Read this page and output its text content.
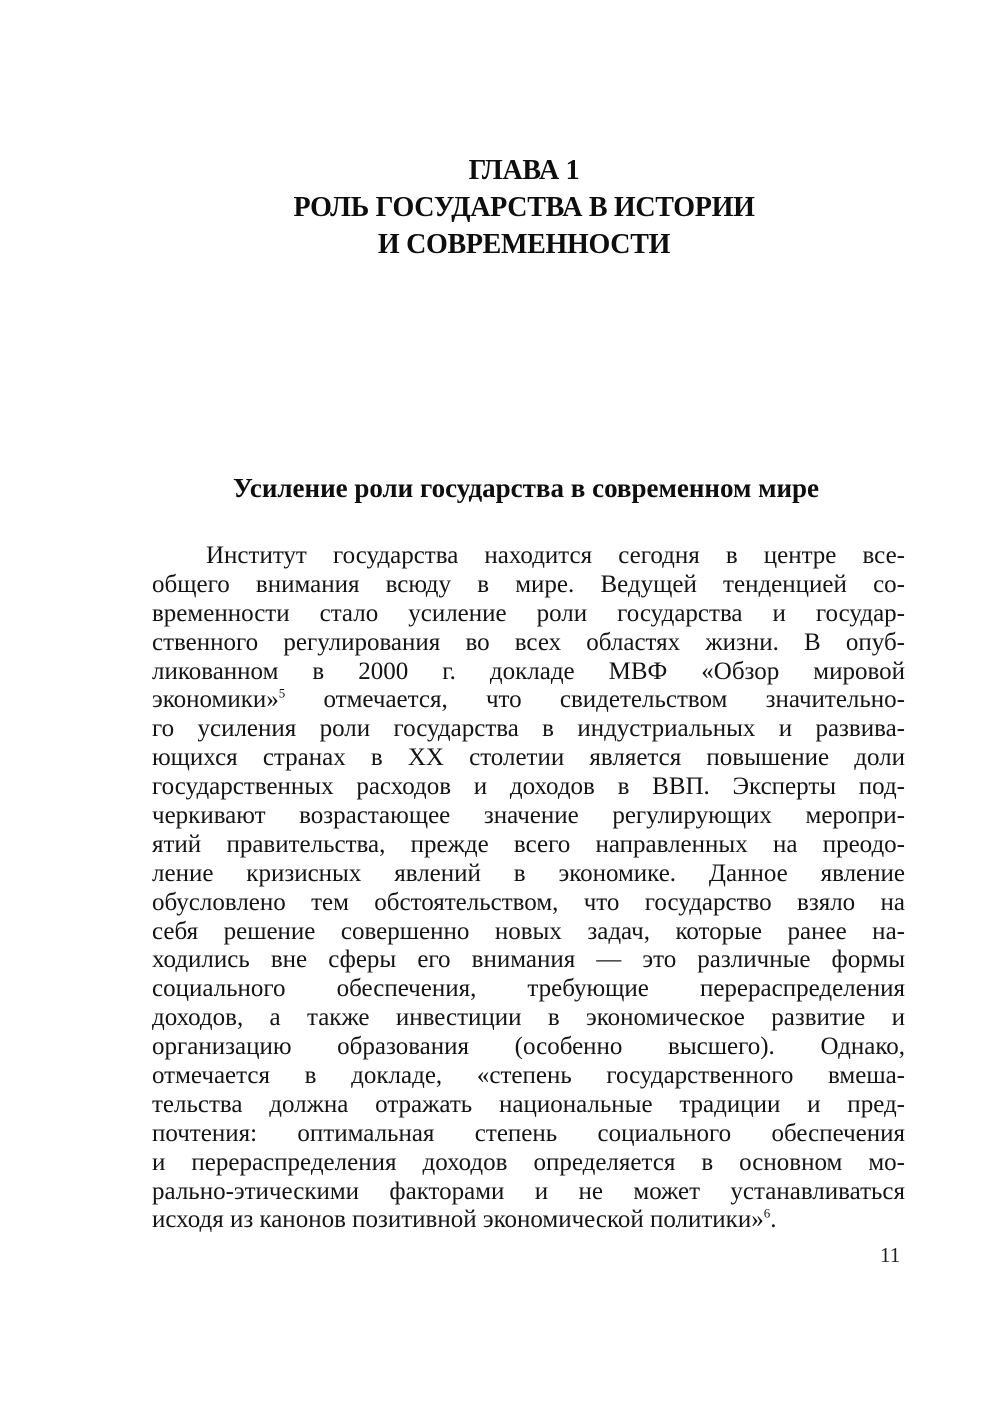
ГЛАВА 1
РОЛЬ ГОСУДАРСТВА В ИСТОРИИ
И СОВРЕМЕННОСТИ
Усиление роли государства в современном мире
Институт государства находится сегодня в центре все-
общего внимания всюду в мире. Ведущей тенденцией со-
временности стало усиление роли государства и государ-
ственного регулирования во всех областях жизни. В опуб-
ликованном в 2000 г. докладе МВФ «Обзор мировой
экономики»$^5$ отмечается, что свидетельством значительно-
го усиления роли государства в индустриальных и развива-
ющихся странах в XX столетии является повышение доли
государственных расходов и доходов в ВВП. Эксперты под-
черкивают возрастающее значение регулирующих меропри-
ятий правительства, прежде всего направленных на преодо-
ление кризисных явлений в экономике. Данное явление
обусловлено тем обстоятельством, что государство взяло на
себя решение совершенно новых задач, которые ранее на-
ходились вне сферы его внимания — это различные формы
социального обеспечения, требующие перераспределения
доходов, а также инвестиции в экономическое развитие и
организацию образования (особенно высшего). Однако,
отмечается в докладе, «степень государственного вмеша-
тельства должна отражать национальные традиции и пред-
почтения: оптимальная степень социального обеспечения
и перераспределения доходов определяется в основном мо-
рально-этическими факторами и не может устанавливаться
исходя из канонов позитивной экономической политики»$^6$.
11
